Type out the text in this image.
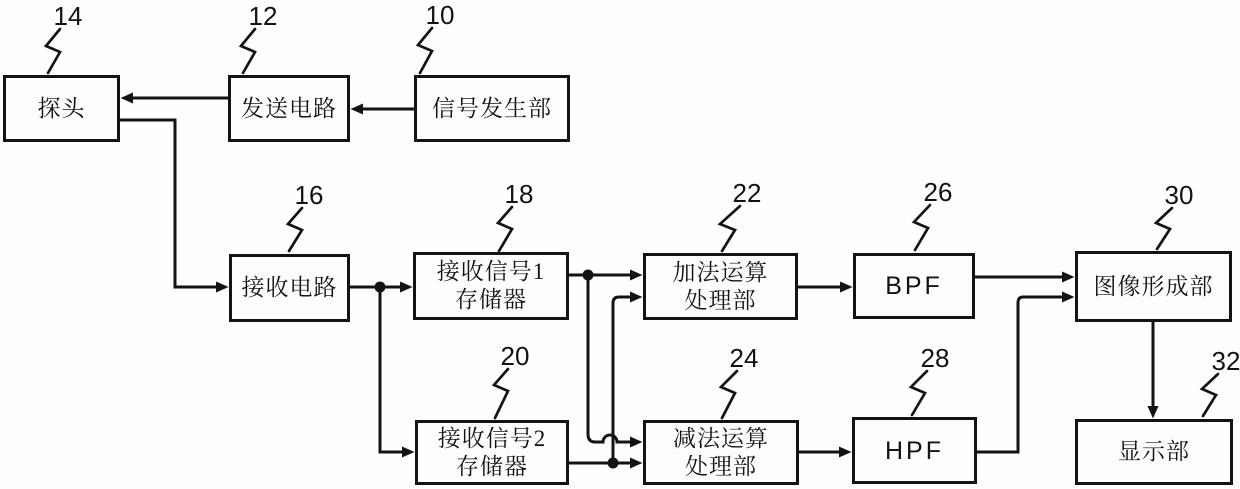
14	12	10
16	18
20
22
24
26
28
30
32
探头	发送电路	信号发生部
接收电路
接收信号1
存储器
接收信号2
存储器
加法运算
处理部
减法运算
处理部
BPF
HPF
图像形成部
显示部
